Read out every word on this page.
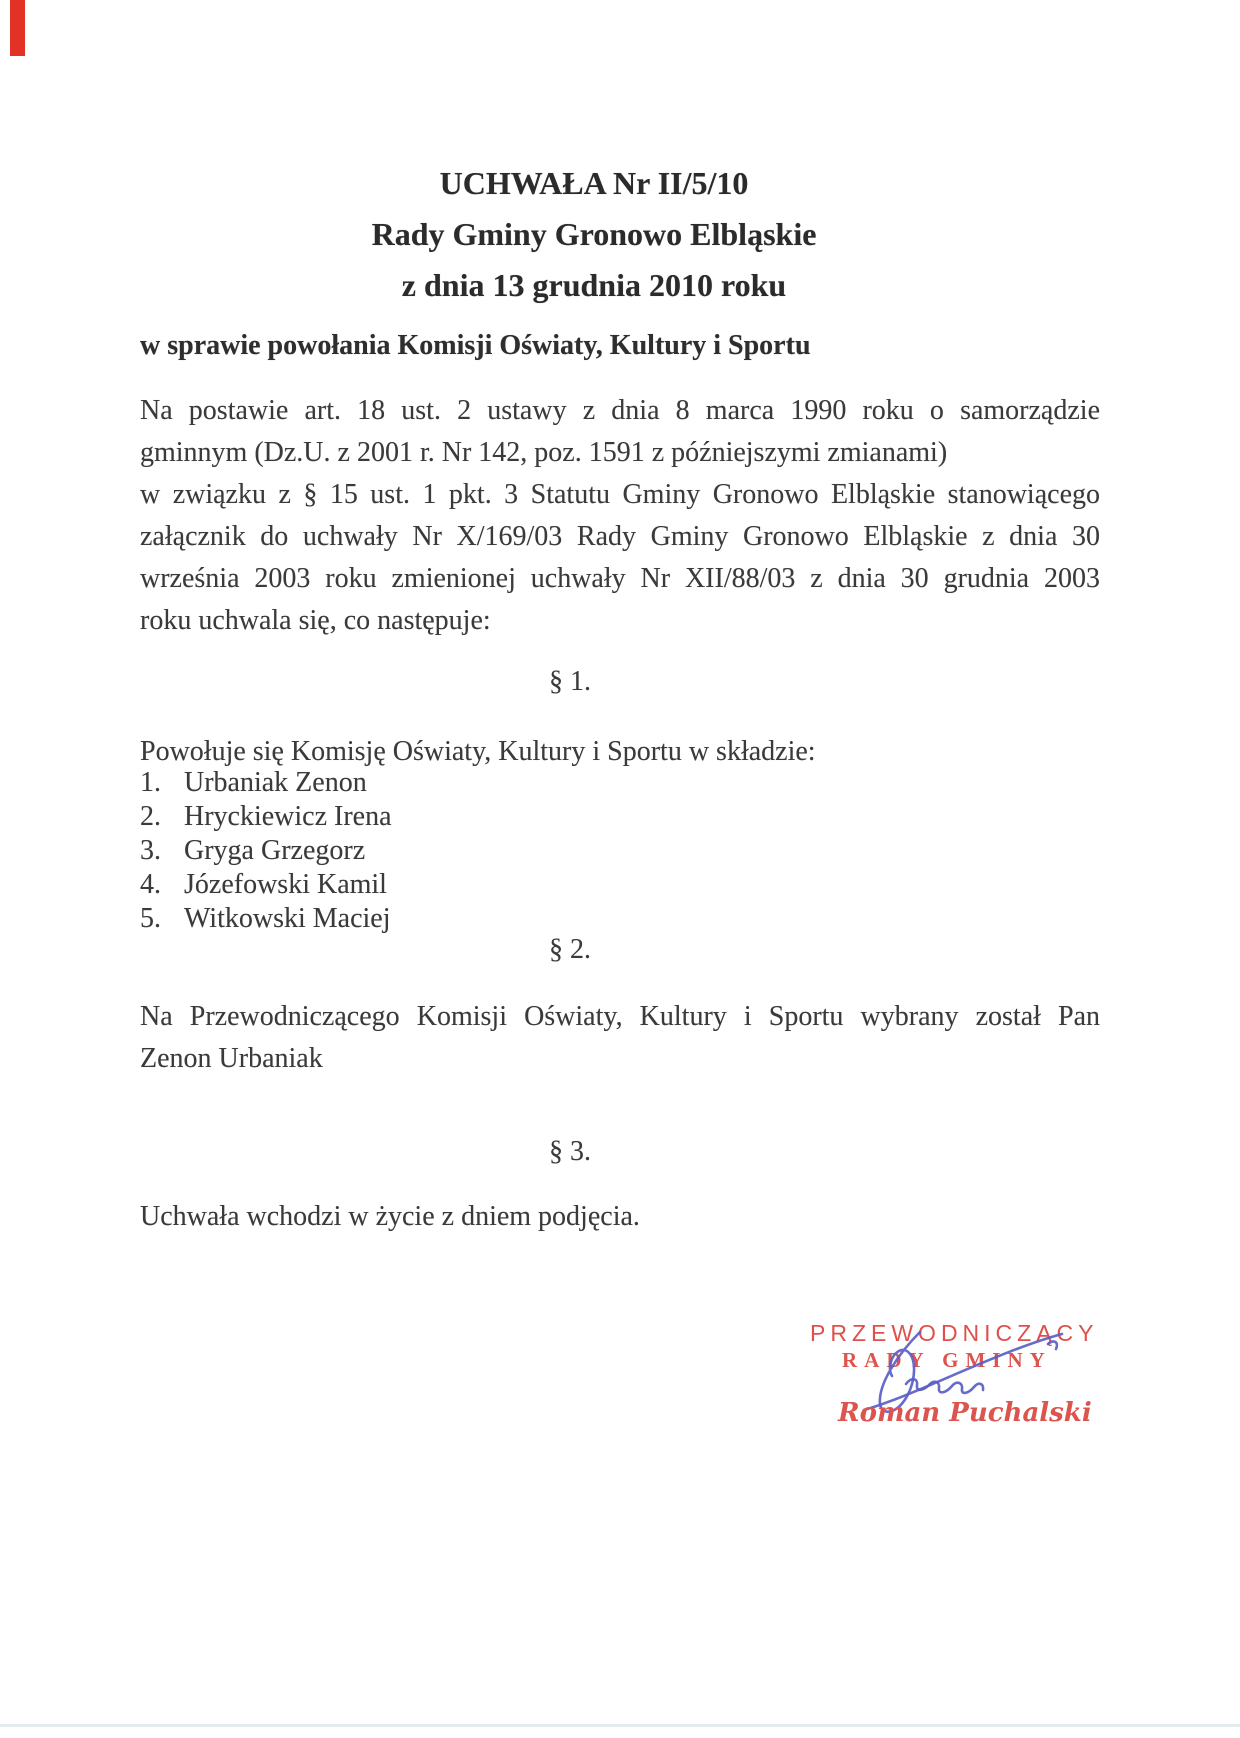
UCHWAŁA Nr II/5/10
Rady Gminy Gronowo Elbląskie
z dnia 13 grudnia 2010 roku
w sprawie powołania Komisji Oświaty, Kultury i Sportu
Na postawie art. 18 ust. 2 ustawy z dnia 8 marca 1990 roku o samorządzie
gminnym (Dz.U. z 2001 r. Nr 142, poz. 1591 z późniejszymi zmianami)
w związku z § 15 ust. 1 pkt. 3 Statutu Gminy Gronowo Elbląskie stanowiącego
załącznik do uchwały Nr X/169/03 Rady Gminy Gronowo Elbląskie z dnia 30
września 2003 roku zmienionej uchwały Nr XII/88/03 z dnia 30 grudnia 2003
roku uchwala się, co następuje:
§ 1.
Powołuje się Komisję Oświaty, Kultury i Sportu w składzie:
1. Urbaniak Zenon
2. Hryckiewicz Irena
3. Gryga Grzegorz
4. Józefowski Kamil
5. Witkowski Maciej
§ 2.
Na Przewodniczącego Komisji Oświaty, Kultury i Sportu wybrany został Pan
Zenon Urbaniak
§ 3.
Uchwała wchodzi w życie z dniem podjęcia.
PRZEWODNICZĄCY
RADY GMINY
Roman Puchalski
